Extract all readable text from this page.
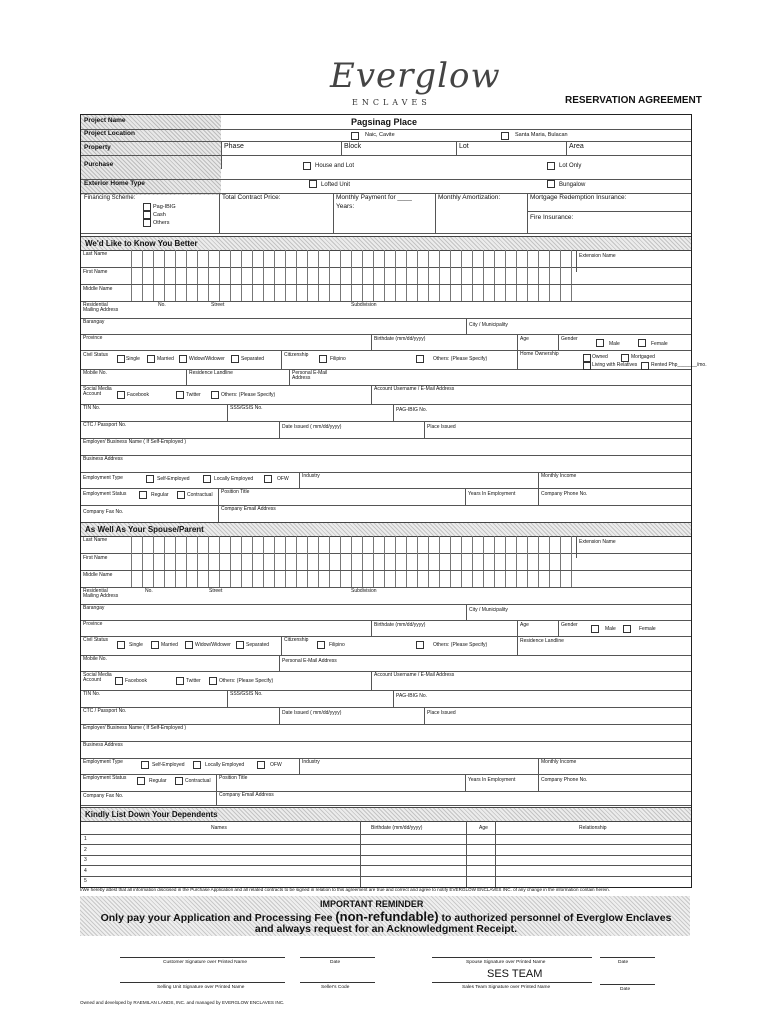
Everglow
ENCLAVES	RESERVATION AGREEMENT
Project Name	Pagsinag Place
Project Location	Naic, Cavite	Santa Maria, Bulacan
Property	Phase	Block	Lot	Area
Purchase	House and Lot	Lot Only
Exterior Home Type	Lofted Unit	Bungalow
Financing Scheme:
Pag-IBIG
Cash
Others
Total Contract Price:	Monthly Payment for ____
Years:
Monthly Amortization:	Mortgage Redemption Insurance:
Fire Insurance:
We'd Like to Know You Better
Last Name	Extension Name
First Name
Middle Name
Residential Mailing Address
No.	Street	Subdivision
Barangay	City / Municipality
Province	Birthdate (mm/dd/yyyy)	Age	Gender
Male	Female
Civil Status
Single	Married	Widow/Widower	Separated
Citizenship
Filipino	Others: (Please Specify)
Home Ownership	Owned	Mortgaged
Living with Relatives	Rented Php_______/mo.
Mobile No.	Residence Landline	Personal E-Mail Address
Social Media Account	Facebook	Twitter	Others: (Please Specify)
Account Username / E-Mail Address
TIN No.	SSS/GSIS No.	PAG-IBIG No.
CTC / Passport No.	Date Issued ( mm/dd/yyyy)	Place Issued
Employer/ Business Name ( If Self-Employed )
Business Address
Employment Type	Self-Employed	Locally Employed	OFW	Industry	Monthly Income
Employment Status	Regular	Contractual Position Title	Years In Employment	Company Phone No.
Company Fax No.	Company Email Address
As Well As Your Spouse/Parent
Last Name	Extension Name
First Name
Middle Name
Residential Mailing Address
No.	Street	Subdivision
Barangay	City / Municipality
Province	Birthdate (mm/dd/yyyy)	Age	Gender
Male	Female
Civil Status
Single	Married	Widow/Widower	Separated
Citizenship
Filipino	Others: (Please Specify)
Residence Landline
Mobile No.	Personal E-Mail Address
Social Media Account	Facebook	Twitter	Others: (Please Specify)
Account Username / E-Mail Address
TIN No.	SSS/GSIS No.	PAG-IBIG No.
CTC / Passport No.	Date Issued ( mm/dd/yyyy)	Place Issued
Employer/ Business Name ( If Self-Employed )
Business Address
Employment Type	Self-Employed	Locally Employed	OFW	Industry	Monthly Income
Employment Status	Regular	Contractual Position Title	Years In Employment	Company Phone No.
Company Fax No.	Company Email Address
Kindly List Down Your Dependents
Names	Birthdate (mm/dd/yyyy)	Age	Relationship
1
2
3
4
5
I/We hereby attest that all information disclosed in the Purchase Application and all related contracts to be signed in relation to this agreement are true and correct and agree to notify EVERGLOW ENCLAVES INC. of any change in the information contain herein.
IMPORTANT REMINDER
Only pay your Application and Processing Fee (non-refundable) to authorized personnel of Everglow Enclaves and always request for an Acknowledgment Receipt.
Customer Signature over Printed Name	Date	Spouse Signature over Printed Name	Date
Selling Unit Signature over Printed Name	Seller's Code
SES TEAM
Sales Team Signature over Printed Name	Date
Owned and developed by RAEMILAN LANDS, INC. and managed by EVERGLOW ENCLAVES INC.
